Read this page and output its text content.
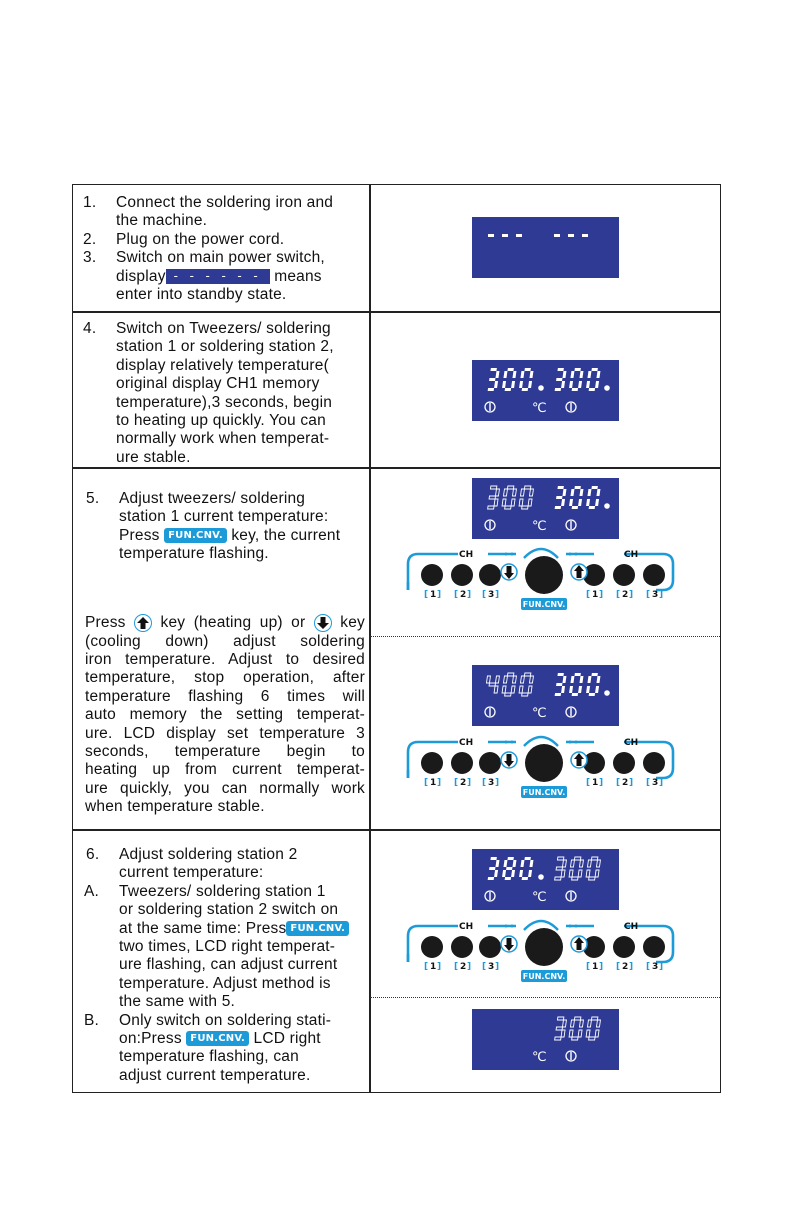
1. Connect the soldering iron and
the machine.
2. Plug on the power cord.
3. Switch on main power switch,
display - - - - - - means
enter into standby state.
4. Switch on Tweezers/ soldering
station 1 or soldering station 2,
display relatively temperature(
original display CH1 memory
temperature),3 seconds, begin
to heating up quickly. You can
normally work when temperat-
ure stable.
5. Adjust tweezers/ soldering
station 1 current temperature:
Press FUN.CNV. key, the current
temperature flashing.
Press key (heating up) or key
(cooling down) adjust soldering
iron temperature. Adjust to desired
temperature, stop operation, after
temperature flashing 6 times will
auto memory the setting temperat-
ure. LCD display set temperature 3
seconds, temperature begin to
heating up from current temperat-
ure quickly, you can normally work
when temperature stable.
6. Adjust soldering station 2
current temperature:
A. Tweezers/ soldering station 1
or soldering station 2 switch on
at the same time: Press FUN.CNV.
two times, LCD right temperat-
ure flashing, can adjust current
temperature. Adjust method is
the same with 5.
B. Only switch on soldering stati-
on:Press FUN.CNV. LCD right
temperature flashing, can
adjust current temperature.
℃
℃
℃
℃
℃
CH	CH
[ 1 ] [ 2 ] [ 3 ]	[ 1 ] [ 2 ] [ 3 ]
FUN.CNV.
CH	CH
[ 1 ] [ 2 ] [ 3 ]	[ 1 ] [ 2 ] [ 3 ]
FUN.CNV.
CH	CH
[ 1 ] [ 2 ] [ 3 ]	[ 1 ] [ 2 ] [ 3 ]
FUN.CNV.
